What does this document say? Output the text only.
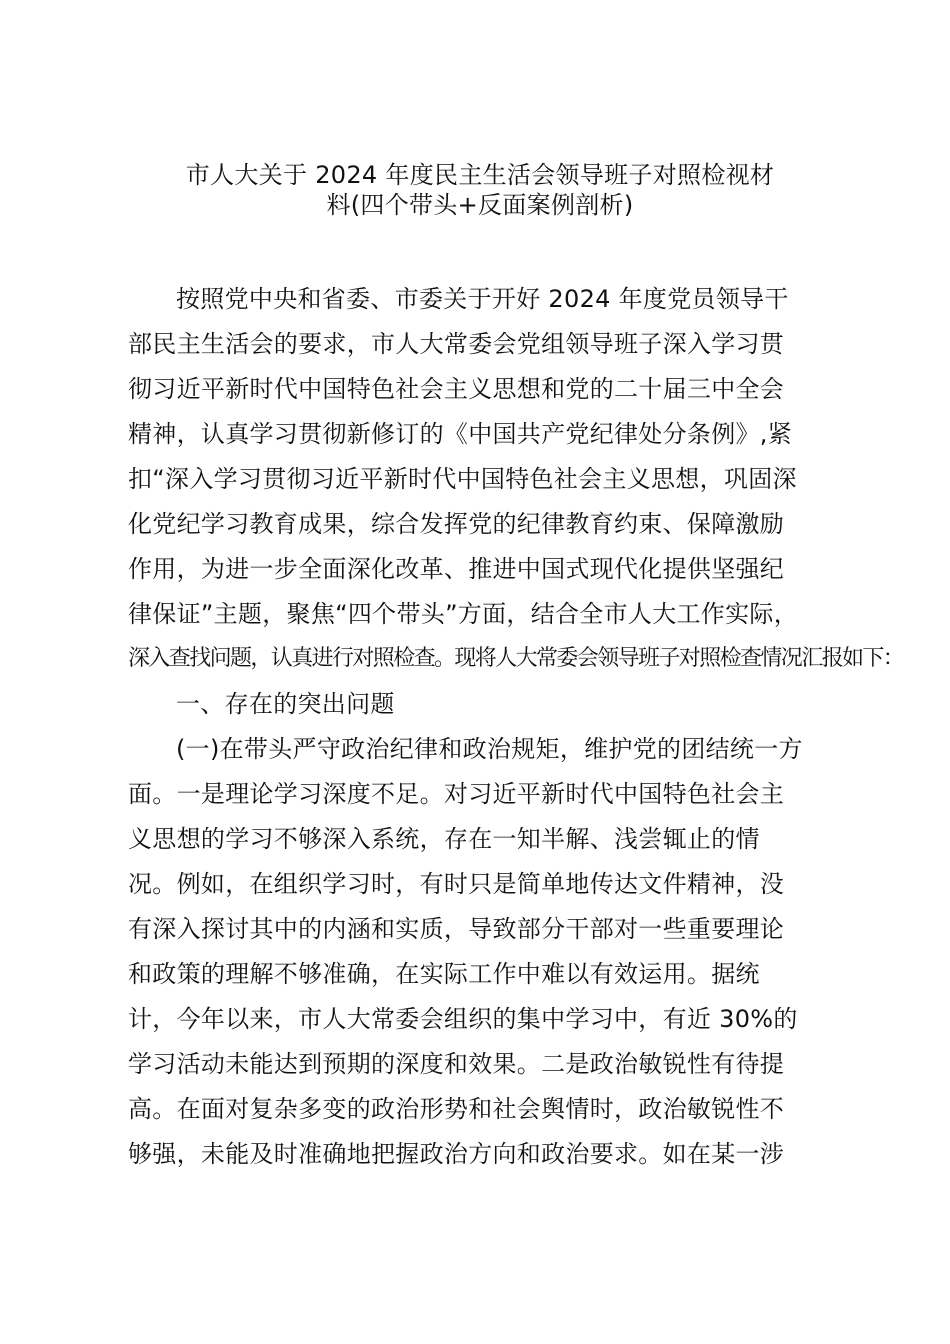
市人大关于 2024 年度民主生活会领导班子对照检视材
料(四个带头+反面案例剖析)
按照党中央和省委、市委关于开好 2024 年度党员领导干
部民主生活会的要求，市人大常委会党组领导班子深入学习贯
彻习近平新时代中国特色社会主义思想和党的二十届三中全会
精神，认真学习贯彻新修订的《中国共产党纪律处分条例》,紧
扣“深入学习贯彻习近平新时代中国特色社会主义思想，巩固深
化党纪学习教育成果，综合发挥党的纪律教育约束、保障激励
作用，为进一步全面深化改革、推进中国式现代化提供坚强纪
律保证”主题，聚焦“四个带头”方面，结合全市人大工作实际，
深入查找问题，认真进行对照检查。现将人大常委会领导班子对照检查情况汇报如下：
一、存在的突出问题
(一)在带头严守政治纪律和政治规矩，维护党的团结统一方
面。一是理论学习深度不足。对习近平新时代中国特色社会主
义思想的学习不够深入系统，存在一知半解、浅尝辄止的情
况。例如，在组织学习时，有时只是简单地传达文件精神，没
有深入探讨其中的内涵和实质，导致部分干部对一些重要理论
和政策的理解不够准确，在实际工作中难以有效运用。据统
计，今年以来，市人大常委会组织的集中学习中，有近 30%的
学习活动未能达到预期的深度和效果。二是政治敏锐性有待提
高。在面对复杂多变的政治形势和社会舆情时，政治敏锐性不
够强，未能及时准确地把握政治方向和政治要求。如在某一涉
